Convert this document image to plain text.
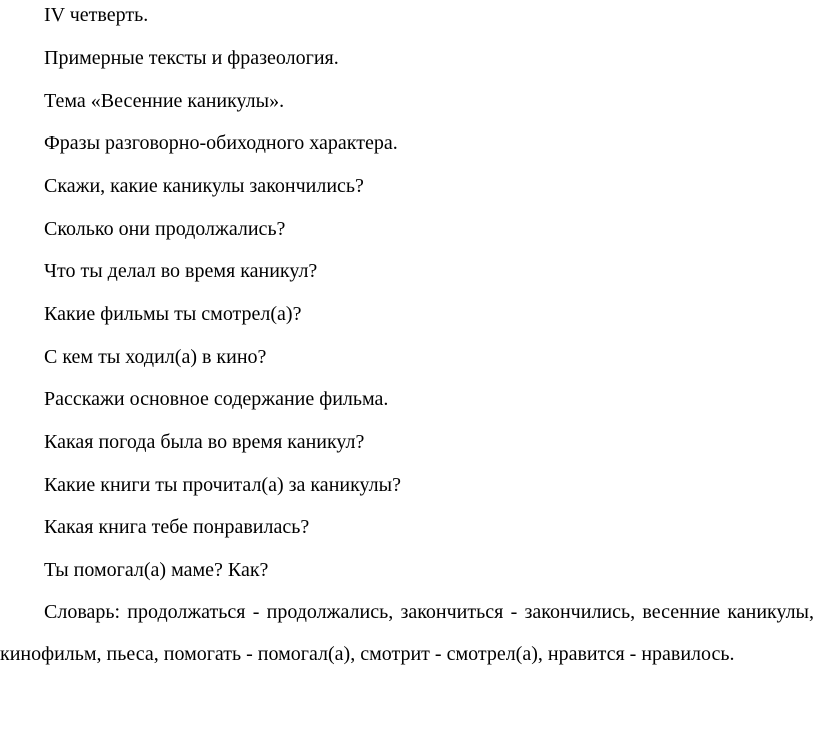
IV четверть.

Примерные тексты и фразеология.

Тема «Весенние каникулы».

Фразы разговорно-обиходного характера.

Скажи, какие каникулы закончились?

Сколько они продолжались?

Что ты делал во время каникул?

Какие фильмы ты смотрел(а)?

С кем ты ходил(а) в кино?

Расскажи основное содержание фильма.

Какая погода была во время каникул?

Какие книги ты прочитал(а) за каникулы?

Какая книга тебе понравилась?

Ты помогал(а) маме? Как?

Словарь: продолжаться - продолжались, закончиться - закончились, весенние каникулы, кинофильм, пьеса, помогать - помогал(а), смотрит - смотрел(а), нравится - нравилось.
